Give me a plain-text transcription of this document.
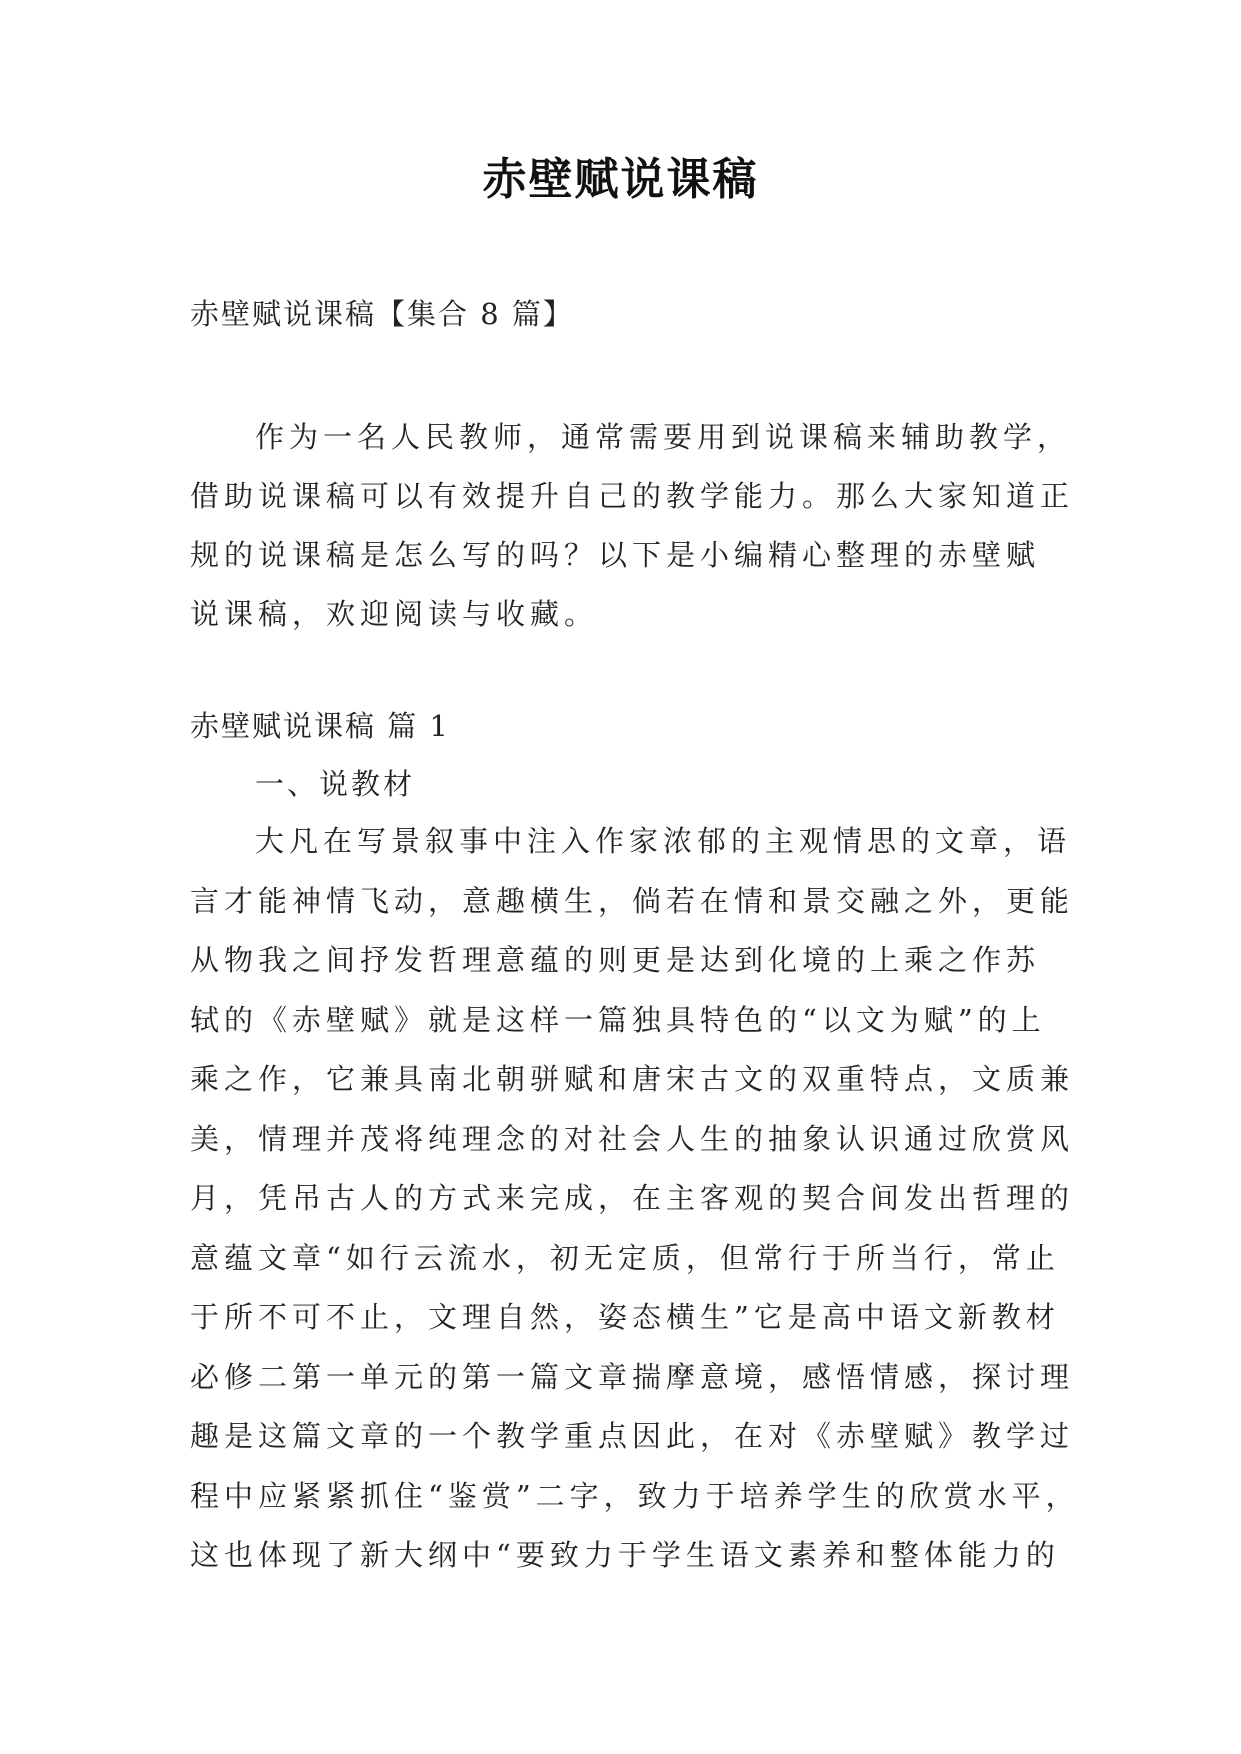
赤壁赋说课稿
赤壁赋说课稿【集合 8 篇】
作为一名人民教师，通常需要用到说课稿来辅助教学，
借助说课稿可以有效提升自己的教学能力。那么大家知道正
规的说课稿是怎么写的吗？以下是小编精心整理的赤壁赋
说课稿，欢迎阅读与收藏。
赤壁赋说课稿 篇 1
一、说教材
大凡在写景叙事中注入作家浓郁的主观情思的文章，语
言才能神情飞动，意趣横生，倘若在情和景交融之外，更能
从物我之间抒发哲理意蕴的则更是达到化境的上乘之作苏
轼的《赤壁赋》就是这样一篇独具特色的“以文为赋”的上
乘之作，它兼具南北朝骈赋和唐宋古文的双重特点，文质兼
美，情理并茂将纯理念的对社会人生的抽象认识通过欣赏风
月，凭吊古人的方式来完成，在主客观的契合间发出哲理的
意蕴文章“如行云流水，初无定质，但常行于所当行，常止
于所不可不止，文理自然，姿态横生”它是高中语文新教材
必修二第一单元的第一篇文章揣摩意境，感悟情感，探讨理
趣是这篇文章的一个教学重点因此，在对《赤壁赋》教学过
程中应紧紧抓住“鉴赏”二字，致力于培养学生的欣赏水平，
这也体现了新大纲中“要致力于学生语文素养和整体能力的
